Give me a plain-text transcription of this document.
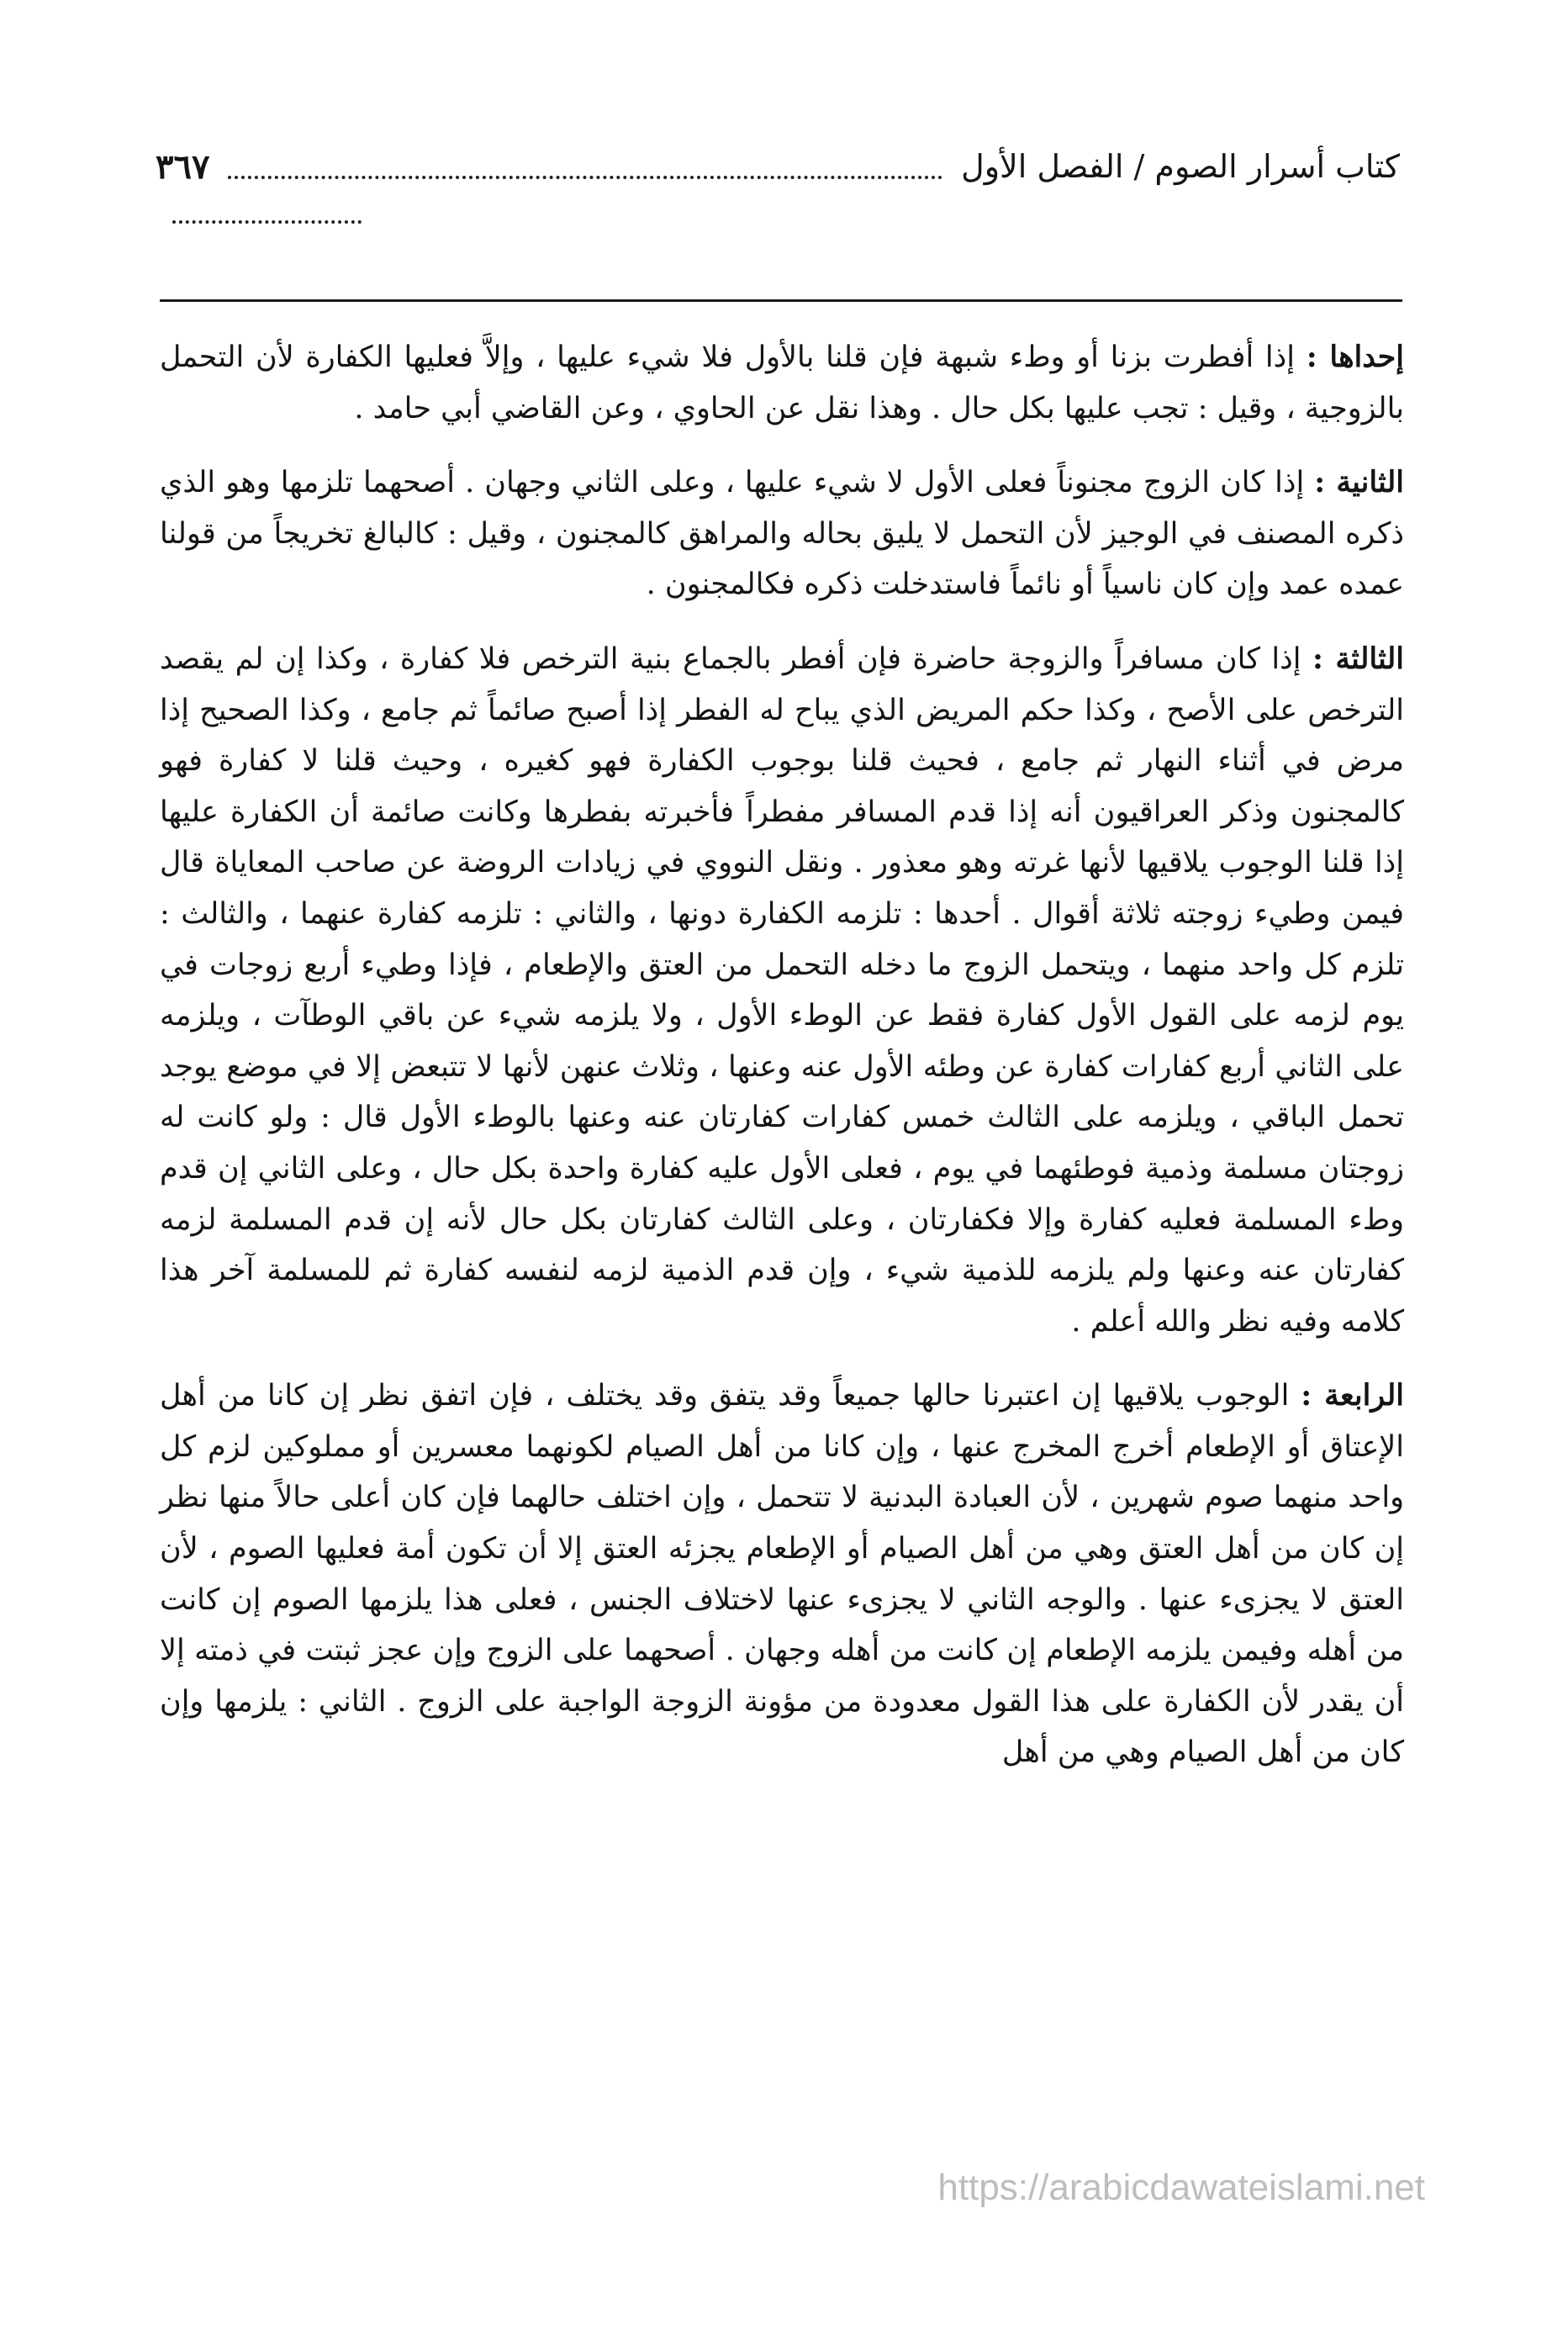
كتاب أسرار الصوم / الفصل الأول
٣٦٧

إحداها : إذا أفطرت بزنا أو وطء شبهة فإن قلنا بالأول فلا شيء عليها ، وإلاَّ فعليها الكفارة لأن التحمل بالزوجية ، وقيل : تجب عليها بكل حال . وهذا نقل عن الحاوي ، وعن القاضي أبي حامد .

الثانية : إذا كان الزوج مجنوناً فعلى الأول لا شيء عليها ، وعلى الثاني وجهان . أصحهما تلزمها وهو الذي ذكره المصنف في الوجيز لأن التحمل لا يليق بحاله والمراهق كالمجنون ، وقيل : كالبالغ تخريجاً من قولنا عمده عمد وإن كان ناسياً أو نائماً فاستدخلت ذكره فكالمجنون .

الثالثة : إذا كان مسافراً والزوجة حاضرة فإن أفطر بالجماع بنية الترخص فلا كفارة ، وكذا إن لم يقصد الترخص على الأصح ، وكذا حكم المريض الذي يباح له الفطر إذا أصبح صائماً ثم جامع ، وكذا الصحيح إذا مرض في أثناء النهار ثم جامع ، فحيث قلنا بوجوب الكفارة فهو كغيره ، وحيث قلنا لا كفارة فهو كالمجنون وذكر العراقيون أنه إذا قدم المسافر مفطراً فأخبرته بفطرها وكانت صائمة أن الكفارة عليها إذا قلنا الوجوب يلاقيها لأنها غرته وهو معذور . ونقل النووي في زيادات الروضة عن صاحب المعاياة قال فيمن وطيء زوجته ثلاثة أقوال . أحدها : تلزمه الكفارة دونها ، والثاني : تلزمه كفارة عنهما ، والثالث : تلزم كل واحد منهما ، ويتحمل الزوج ما دخله التحمل من العتق والإطعام ، فإذا وطيء أربع زوجات في يوم لزمه على القول الأول كفارة فقط عن الوطء الأول ، ولا يلزمه شيء عن باقي الوطآت ، ويلزمه على الثاني أربع كفارات كفارة عن وطئه الأول عنه وعنها ، وثلاث عنهن لأنها لا تتبعض إلا في موضع يوجد تحمل الباقي ، ويلزمه على الثالث خمس كفارات كفارتان عنه وعنها بالوطء الأول قال : ولو كانت له زوجتان مسلمة وذمية فوطئهما في يوم ، فعلى الأول عليه كفارة واحدة بكل حال ، وعلى الثاني إن قدم وطء المسلمة فعليه كفارة وإلا فكفارتان ، وعلى الثالث كفارتان بكل حال لأنه إن قدم المسلمة لزمه كفارتان عنه وعنها ولم يلزمه للذمية شيء ، وإن قدم الذمية لزمه لنفسه كفارة ثم للمسلمة آخر هذا كلامه وفيه نظر والله أعلم .

الرابعة : الوجوب يلاقيها إن اعتبرنا حالها جميعاً وقد يتفق وقد يختلف ، فإن اتفق نظر إن كانا من أهل الإعتاق أو الإطعام أخرج المخرج عنها ، وإن كانا من أهل الصيام لكونهما معسرين أو مملوكين لزم كل واحد منهما صوم شهرين ، لأن العبادة البدنية لا تتحمل ، وإن اختلف حالهما فإن كان أعلى حالاً منها نظر إن كان من أهل العتق وهي من أهل الصيام أو الإطعام يجزئه العتق إلا أن تكون أمة فعليها الصوم ، لأن العتق لا يجزىء عنها . والوجه الثاني لا يجزىء عنها لاختلاف الجنس ، فعلى هذا يلزمها الصوم إن كانت من أهله وفيمن يلزمه الإطعام إن كانت من أهله وجهان . أصحهما على الزوج وإن عجز ثبتت في ذمته إلا أن يقدر لأن الكفارة على هذا القول معدودة من مؤونة الزوجة الواجبة على الزوج . الثاني : يلزمها وإن كان من أهل الصيام وهي من أهل

https://arabicdawateislami.net
